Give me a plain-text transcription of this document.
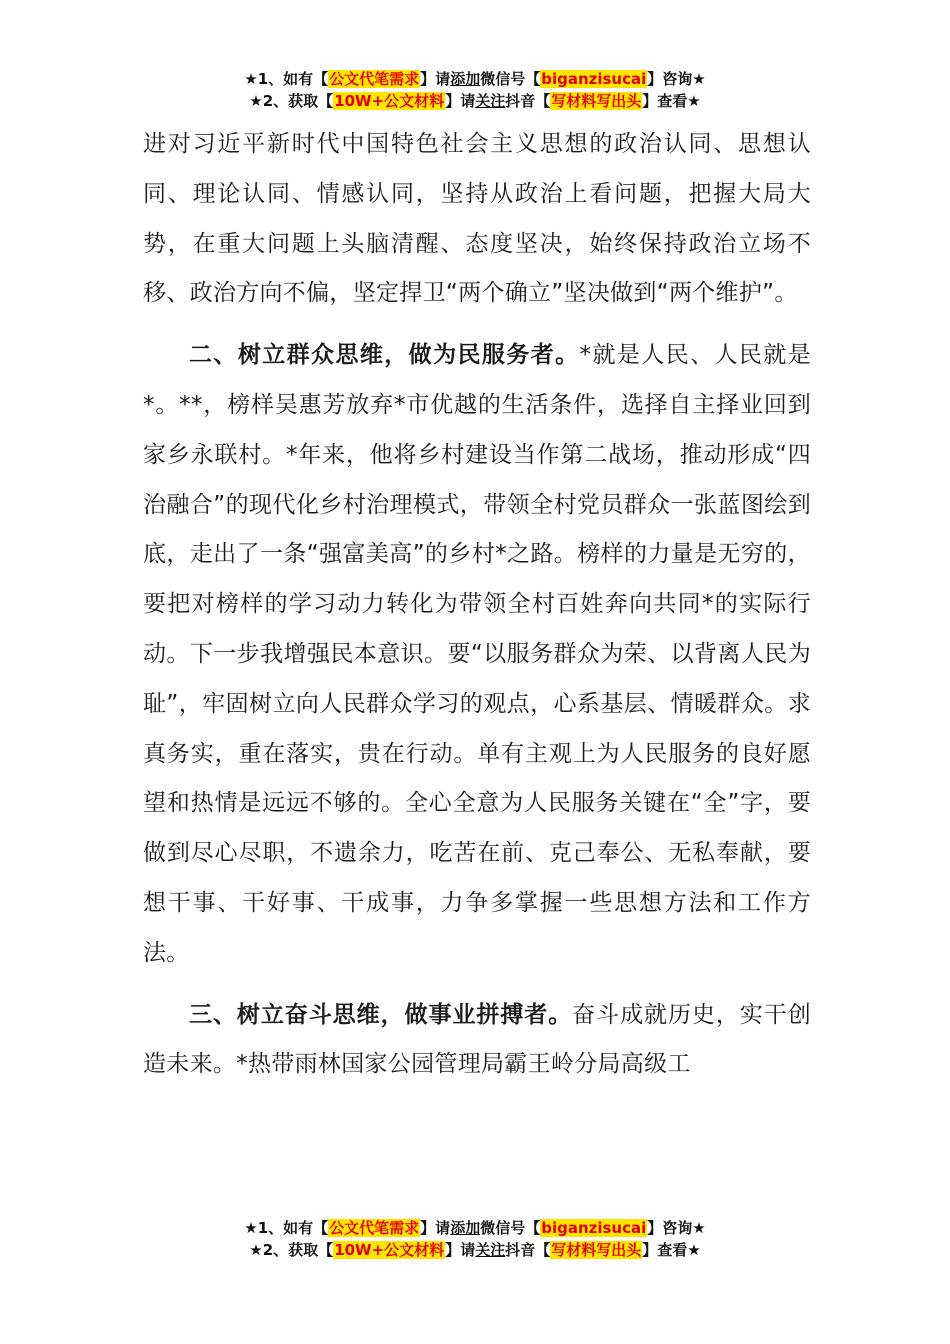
★1、如有【公文代笔需求】请添加微信号【biganzisucai】咨询★
★2、获取【10W+公文材料】请关注抖音【写材料写出头】查看★

进对习近平新时代中国特色社会主义思想的政治认同、思想认同、理论认同、情感认同，坚持从政治上看问题，把握大局大势，在重大问题上头脑清醒、态度坚决，始终保持政治立场不移、政治方向不偏，坚定捍卫“两个确立”坚决做到“两个维护”。

二、树立群众思维，做为民服务者。*就是人民、人民就是*。**，榜样吴惠芳放弃*市优越的生活条件，选择自主择业回到家乡永联村。*年来，他将乡村建设当作第二战场，推动形成“四治融合”的现代化乡村治理模式，带领全村党员群众一张蓝图绘到底，走出了一条“强富美高”的乡村*之路。榜样的力量是无穷的，要把对榜样的学习动力转化为带领全村百姓奔向共同*的实际行动。下一步我增强民本意识。要“以服务群众为荣、以背离人民为耻”，牢固树立向人民群众学习的观点，心系基层、情暖群众。求真务实，重在落实，贵在行动。单有主观上为人民服务的良好愿望和热情是远远不够的。全心全意为人民服务关键在“全”字，要做到尽心尽职，不遗余力，吃苦在前、克己奉公、无私奉献，要想干事、干好事、干成事，力争多掌握一些思想方法和工作方法。

三、树立奋斗思维，做事业拼搏者。奋斗成就历史，实干创造未来。*热带雨林国家公园管理局霸王岭分局高级工

★1、如有【公文代笔需求】请添加微信号【biganzisucai】咨询★
★2、获取【10W+公文材料】请关注抖音【写材料写出头】查看★
